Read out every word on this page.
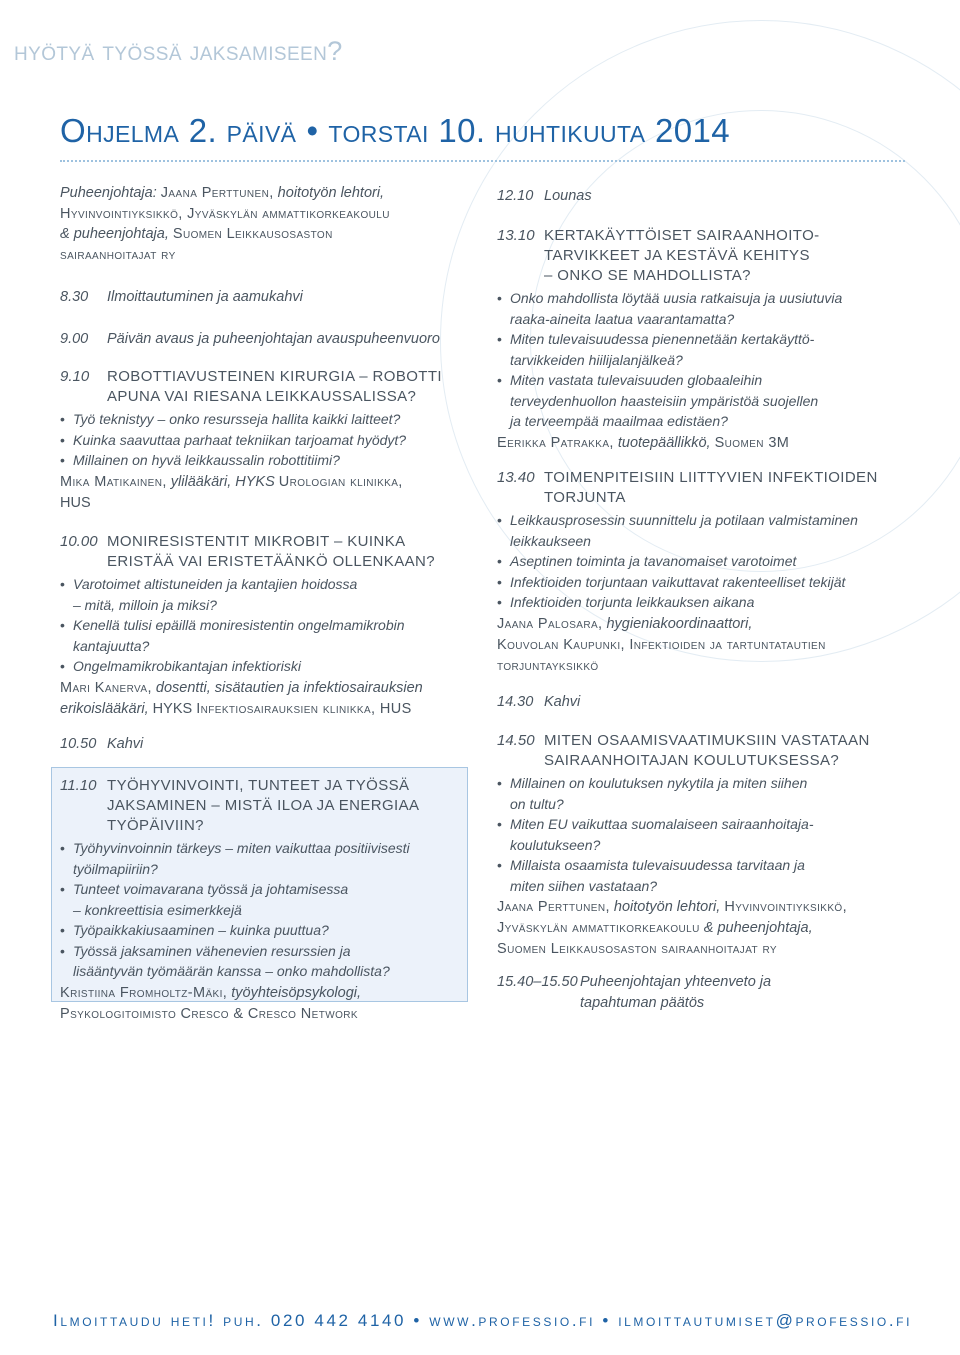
hyötyä työssä jaksamiseen?
Ohjelma 2. päivä • torstai 10. huhtikuuta 2014
Puheenjohtaja: Jaana Perttunen, hoitotyön lehtori,
Hyvinvointiyksikkö, Jyväskylän ammattikorkeakoulu
& puheenjohtaja, Suomen Leikkausosaston
sairaanhoitajat ry
8.30	Ilmoittautuminen ja aamukahvi
9.00	Päivän avaus ja puheenjohtajan avauspuheenvuoro
9.10	ROBOTTIAVUSTEINEN KIRURGIA – ROBOTTI
APUNA VAI RIESANA LEIKKAUSSALISSA?
• Työ teknistyy – onko resursseja hallita kaikki laitteet?
• Kuinka saavuttaa parhaat tekniikan tarjoamat hyödyt?
• Millainen on hyvä leikkaussalin robottitiimi?
Mika Matikainen, ylilääkäri, HYKS Urologian klinikka,
HUS
10.00 MONIRESISTENTIT MIKROBIT – KUINKA
ERISTÄÄ VAI ERISTETÄÄNKÖ OLLENKAAN?
• Varotoimet altistuneiden ja kantajien hoidossa
– mitä, milloin ja miksi?
• Kenellä tulisi epäillä moniresistentin ongelmamikrobin
kantajuutta?
• Ongelmamikrobikantajan infektioriski
Mari Kanerva, dosentti, sisätautien ja infektiosairauksien
erikoislääkäri, HYKS Infektiosairauksien klinikka, HUS
10.50 Kahvi
11.10 TYÖHYVINVOINTI, TUNTEET JA TYÖSSÄ
JAKSAMINEN – MISTÄ ILOA JA ENERGIAA
TYÖPÄIVIIN?
• Työhyvinvoinnin tärkeys – miten vaikuttaa positiivisesti
työilmapiiriin?
• Tunteet voimavarana työssä ja johtamisessa
– konkreettisia esimerkkejä
• Työpaikkakiusaaminen – kuinka puuttua?
• Työssä jaksaminen vähenevien resurssien ja
lisääntyvän työmäärän kanssa – onko mahdollista?
Kristiina Fromholtz-Mäki, työyhteisöpsykologi,
Psykologitoimisto Cresco & Cresco Network
12.10 Lounas
13.10 KERTAKÄYTTÖISET SAIRAANHOITO-
TARVIKKEET JA KESTÄVÄ KEHITYS
– ONKO SE MAHDOLLISTA?
• Onko mahdollista löytää uusia ratkaisuja ja uusiutuvia
raaka-aineita laatua vaarantamatta?
• Miten tulevaisuudessa pienennetään kertakäyttö-
tarvikkeiden hiilijalanjälkeä?
• Miten vastata tulevaisuuden globaaleihin
terveydenhuollon haasteisiin ympäristöä suojellen
ja terveempää maailmaa edistäen?
Eerikka Patrakka, tuotepäällikkö, Suomen 3M
13.40 TOIMENPITEISIIN LIITTYVIEN INFEKTIOIDEN
TORJUNTA
• Leikkausprosessin suunnittelu ja potilaan valmistaminen
leikkaukseen
• Aseptinen toiminta ja tavanomaiset varotoimet
• Infektioiden torjuntaan vaikuttavat rakenteelliset tekijät
• Infektioiden torjunta leikkauksen aikana
Jaana Palosara, hygieniakoordinaattori,
Kouvolan Kaupunki, Infektioiden ja tartuntatautien
torjuntayksikkö
14.30 Kahvi
14.50 MITEN OSAAMISVAATIMUKSIIN VASTATAAN
SAIRAANHOITAJAN KOULUTUKSESSA?
• Millainen on koulutuksen nykytila ja miten siihen
on tultu?
• Miten EU vaikuttaa suomalaiseen sairaanhoitaja-
koulutukseen?
• Millaista osaamista tulevaisuudessa tarvitaan ja
miten siihen vastataan?
Jaana Perttunen, hoitotyön lehtori, Hyvinvointiyksikkö,
Jyväskylän ammattikorkeakoulu & puheenjohtaja,
Suomen Leikkausosaston sairaanhoitajat ry
15.40–15.50 Puheenjohtajan yhteenveto ja
tapahtuman päätös
Ilmoittaudu heti! puh. 020 442 4140 • www.professio.fi • ilmoittautumiset@professio.fi
